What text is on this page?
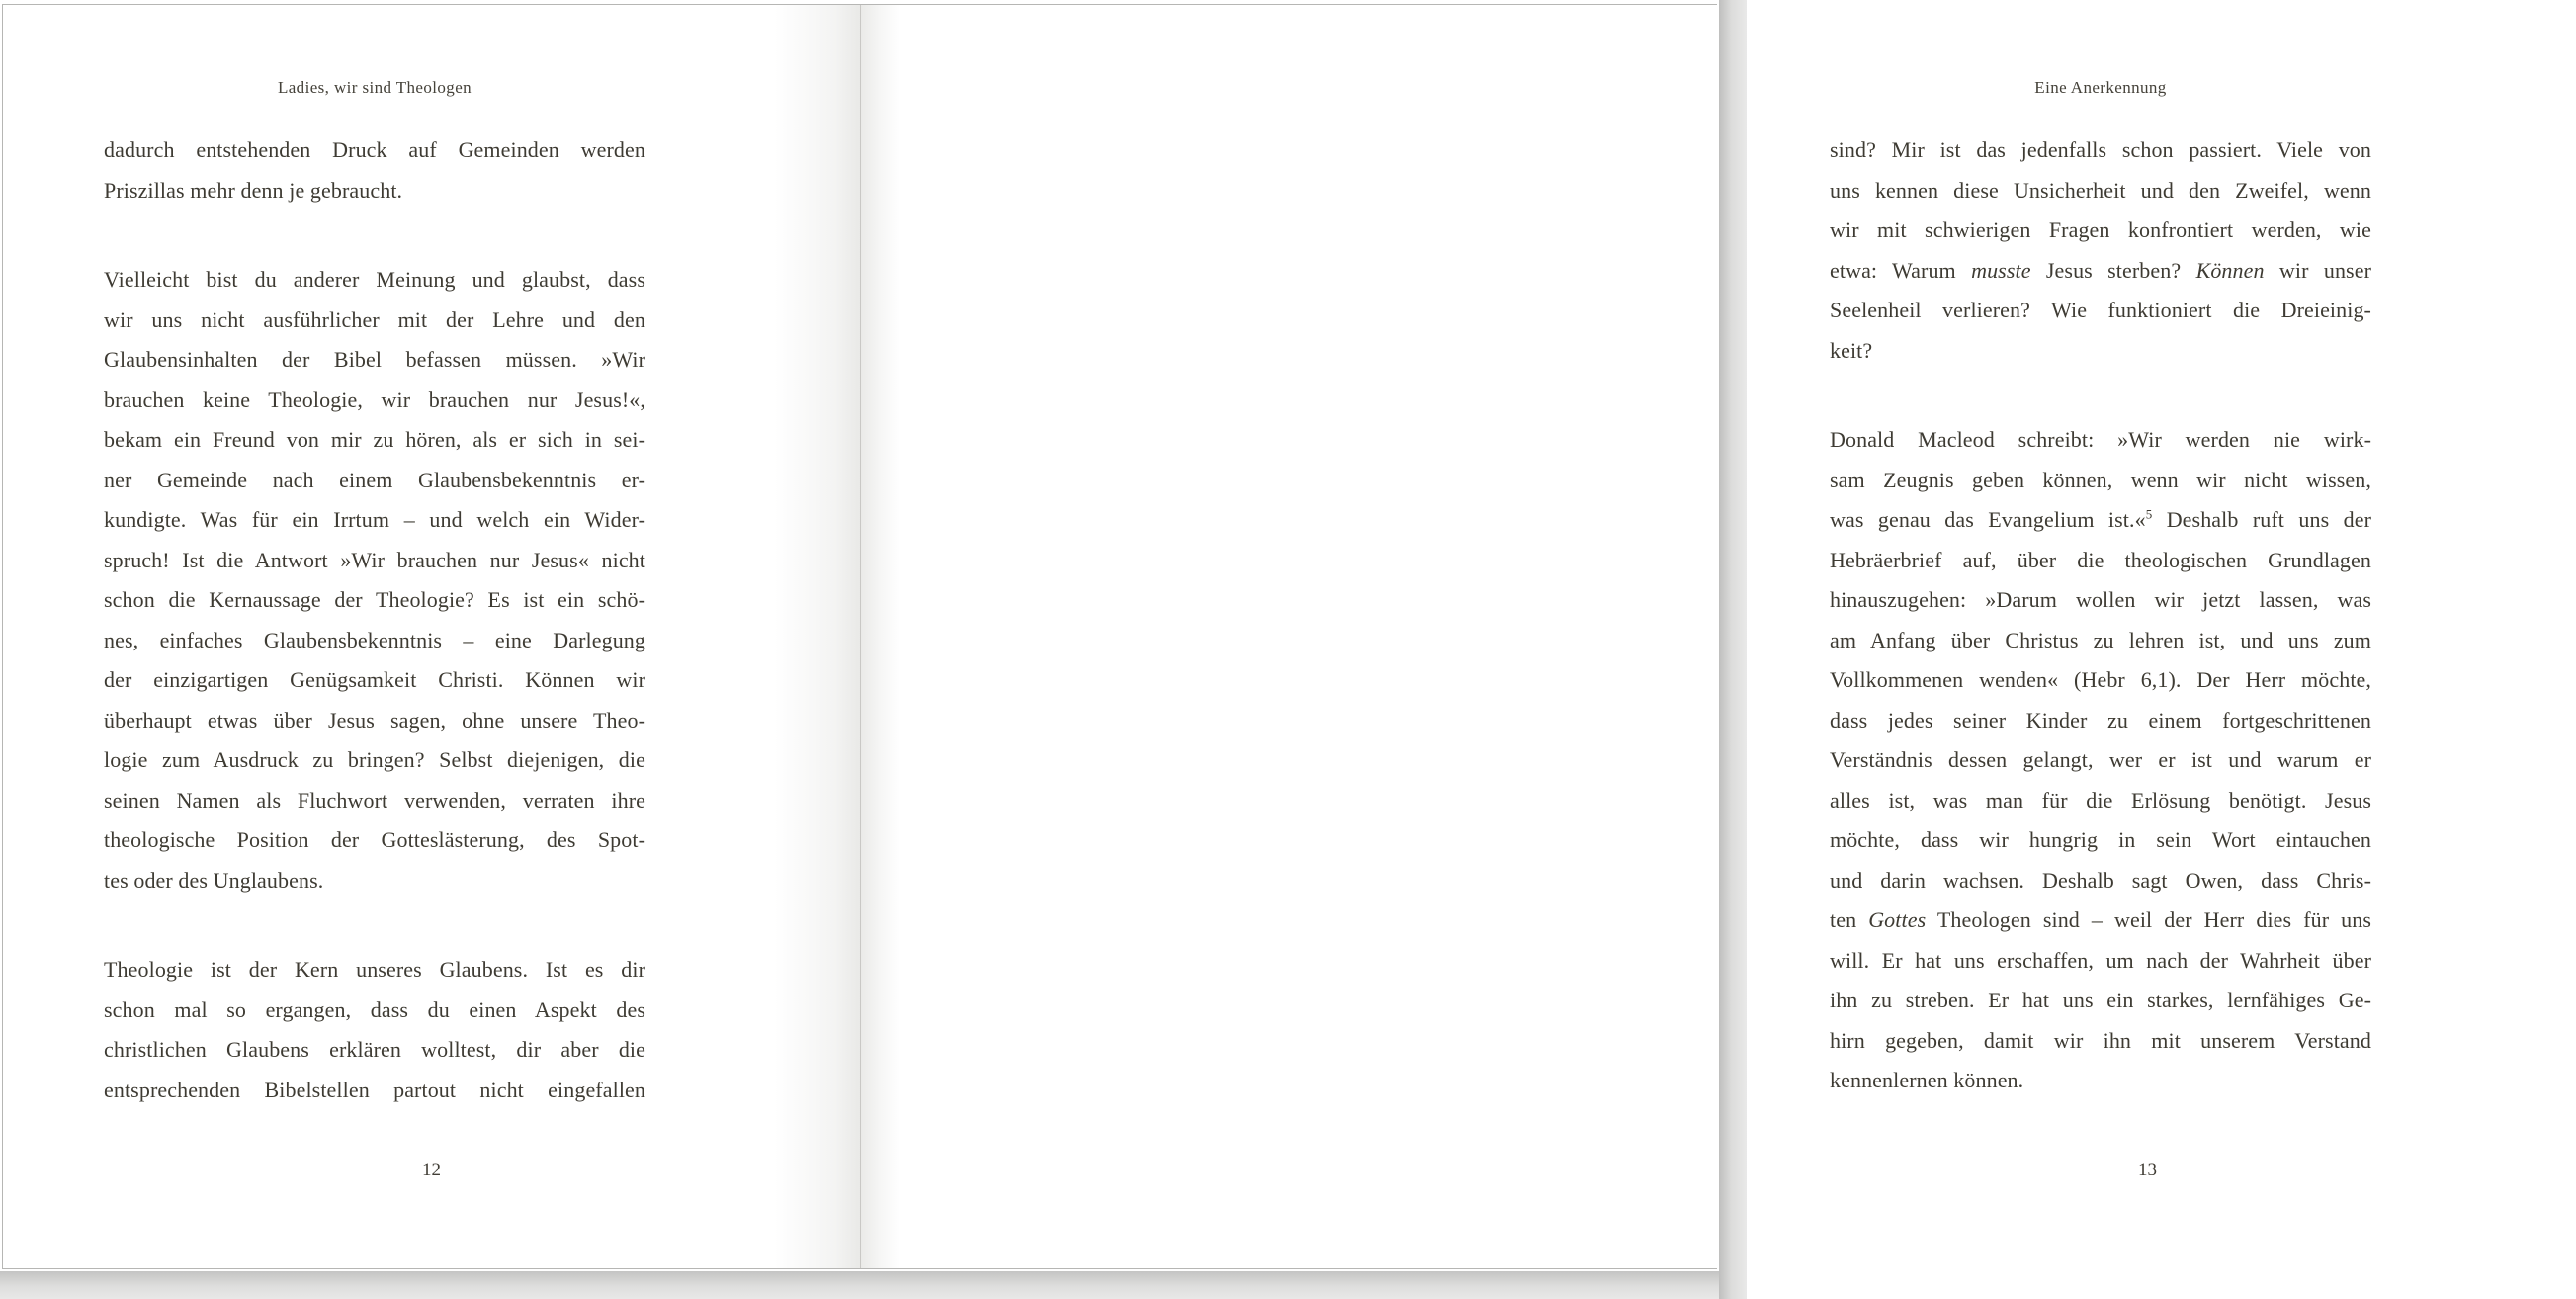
Ladies, wir sind Theologen
dadurch entstehenden Druck auf Gemeinden werden
Priszillas mehr denn je gebraucht.
Vielleicht bist du anderer Meinung und glaubst, dass
wir uns nicht ausführlicher mit der Lehre und den
Glaubensinhalten der Bibel befassen müssen. »Wir
brauchen keine Theologie, wir brauchen nur Jesus!«,
bekam ein Freund von mir zu hören, als er sich in sei-
ner Gemeinde nach einem Glaubensbekenntnis er-
kundigte. Was für ein Irrtum – und welch ein Wider-
spruch! Ist die Antwort »Wir brauchen nur Jesus« nicht
schon die Kernaussage der Theologie? Es ist ein schö-
nes, einfaches Glaubensbekenntnis – eine Darlegung
der einzigartigen Genügsamkeit Christi. Können wir
überhaupt etwas über Jesus sagen, ohne unsere Theo-
logie zum Ausdruck zu bringen? Selbst diejenigen, die
seinen Namen als Fluchwort verwenden, verraten ihre
theologische Position der Gotteslästerung, des Spot-
tes oder des Unglaubens.
Theologie ist der Kern unseres Glaubens. Ist es dir
schon mal so ergangen, dass du einen Aspekt des
christlichen Glaubens erklären wolltest, dir aber die
entsprechenden Bibelstellen partout nicht eingefallen
12
Eine Anerkennung
sind? Mir ist das jedenfalls schon passiert. Viele von
uns kennen diese Unsicherheit und den Zweifel, wenn
wir mit schwierigen Fragen konfrontiert werden, wie
etwa: Warum musste Jesus sterben? Können wir unser
Seelenheil verlieren? Wie funktioniert die Dreieinig-
keit?
Donald Macleod schreibt: »Wir werden nie wirk-
sam Zeugnis geben können, wenn wir nicht wissen,
was genau das Evangelium ist.«$^5$ Deshalb ruft uns der
Hebräerbrief auf, über die theologischen Grundlagen
hinauszugehen: »Darum wollen wir jetzt lassen, was
am Anfang über Christus zu lehren ist, und uns zum
Vollkommenen wenden« (Hebr 6,1). Der Herr möchte,
dass jedes seiner Kinder zu einem fortgeschrittenen
Verständnis dessen gelangt, wer er ist und warum er
alles ist, was man für die Erlösung benötigt. Jesus
möchte, dass wir hungrig in sein Wort eintauchen
und darin wachsen. Deshalb sagt Owen, dass Chris-
ten Gottes Theologen sind – weil der Herr dies für uns
will. Er hat uns erschaffen, um nach der Wahrheit über
ihn zu streben. Er hat uns ein starkes, lernfähiges Ge-
hirn gegeben, damit wir ihn mit unserem Verstand
kennenlernen können.
13
